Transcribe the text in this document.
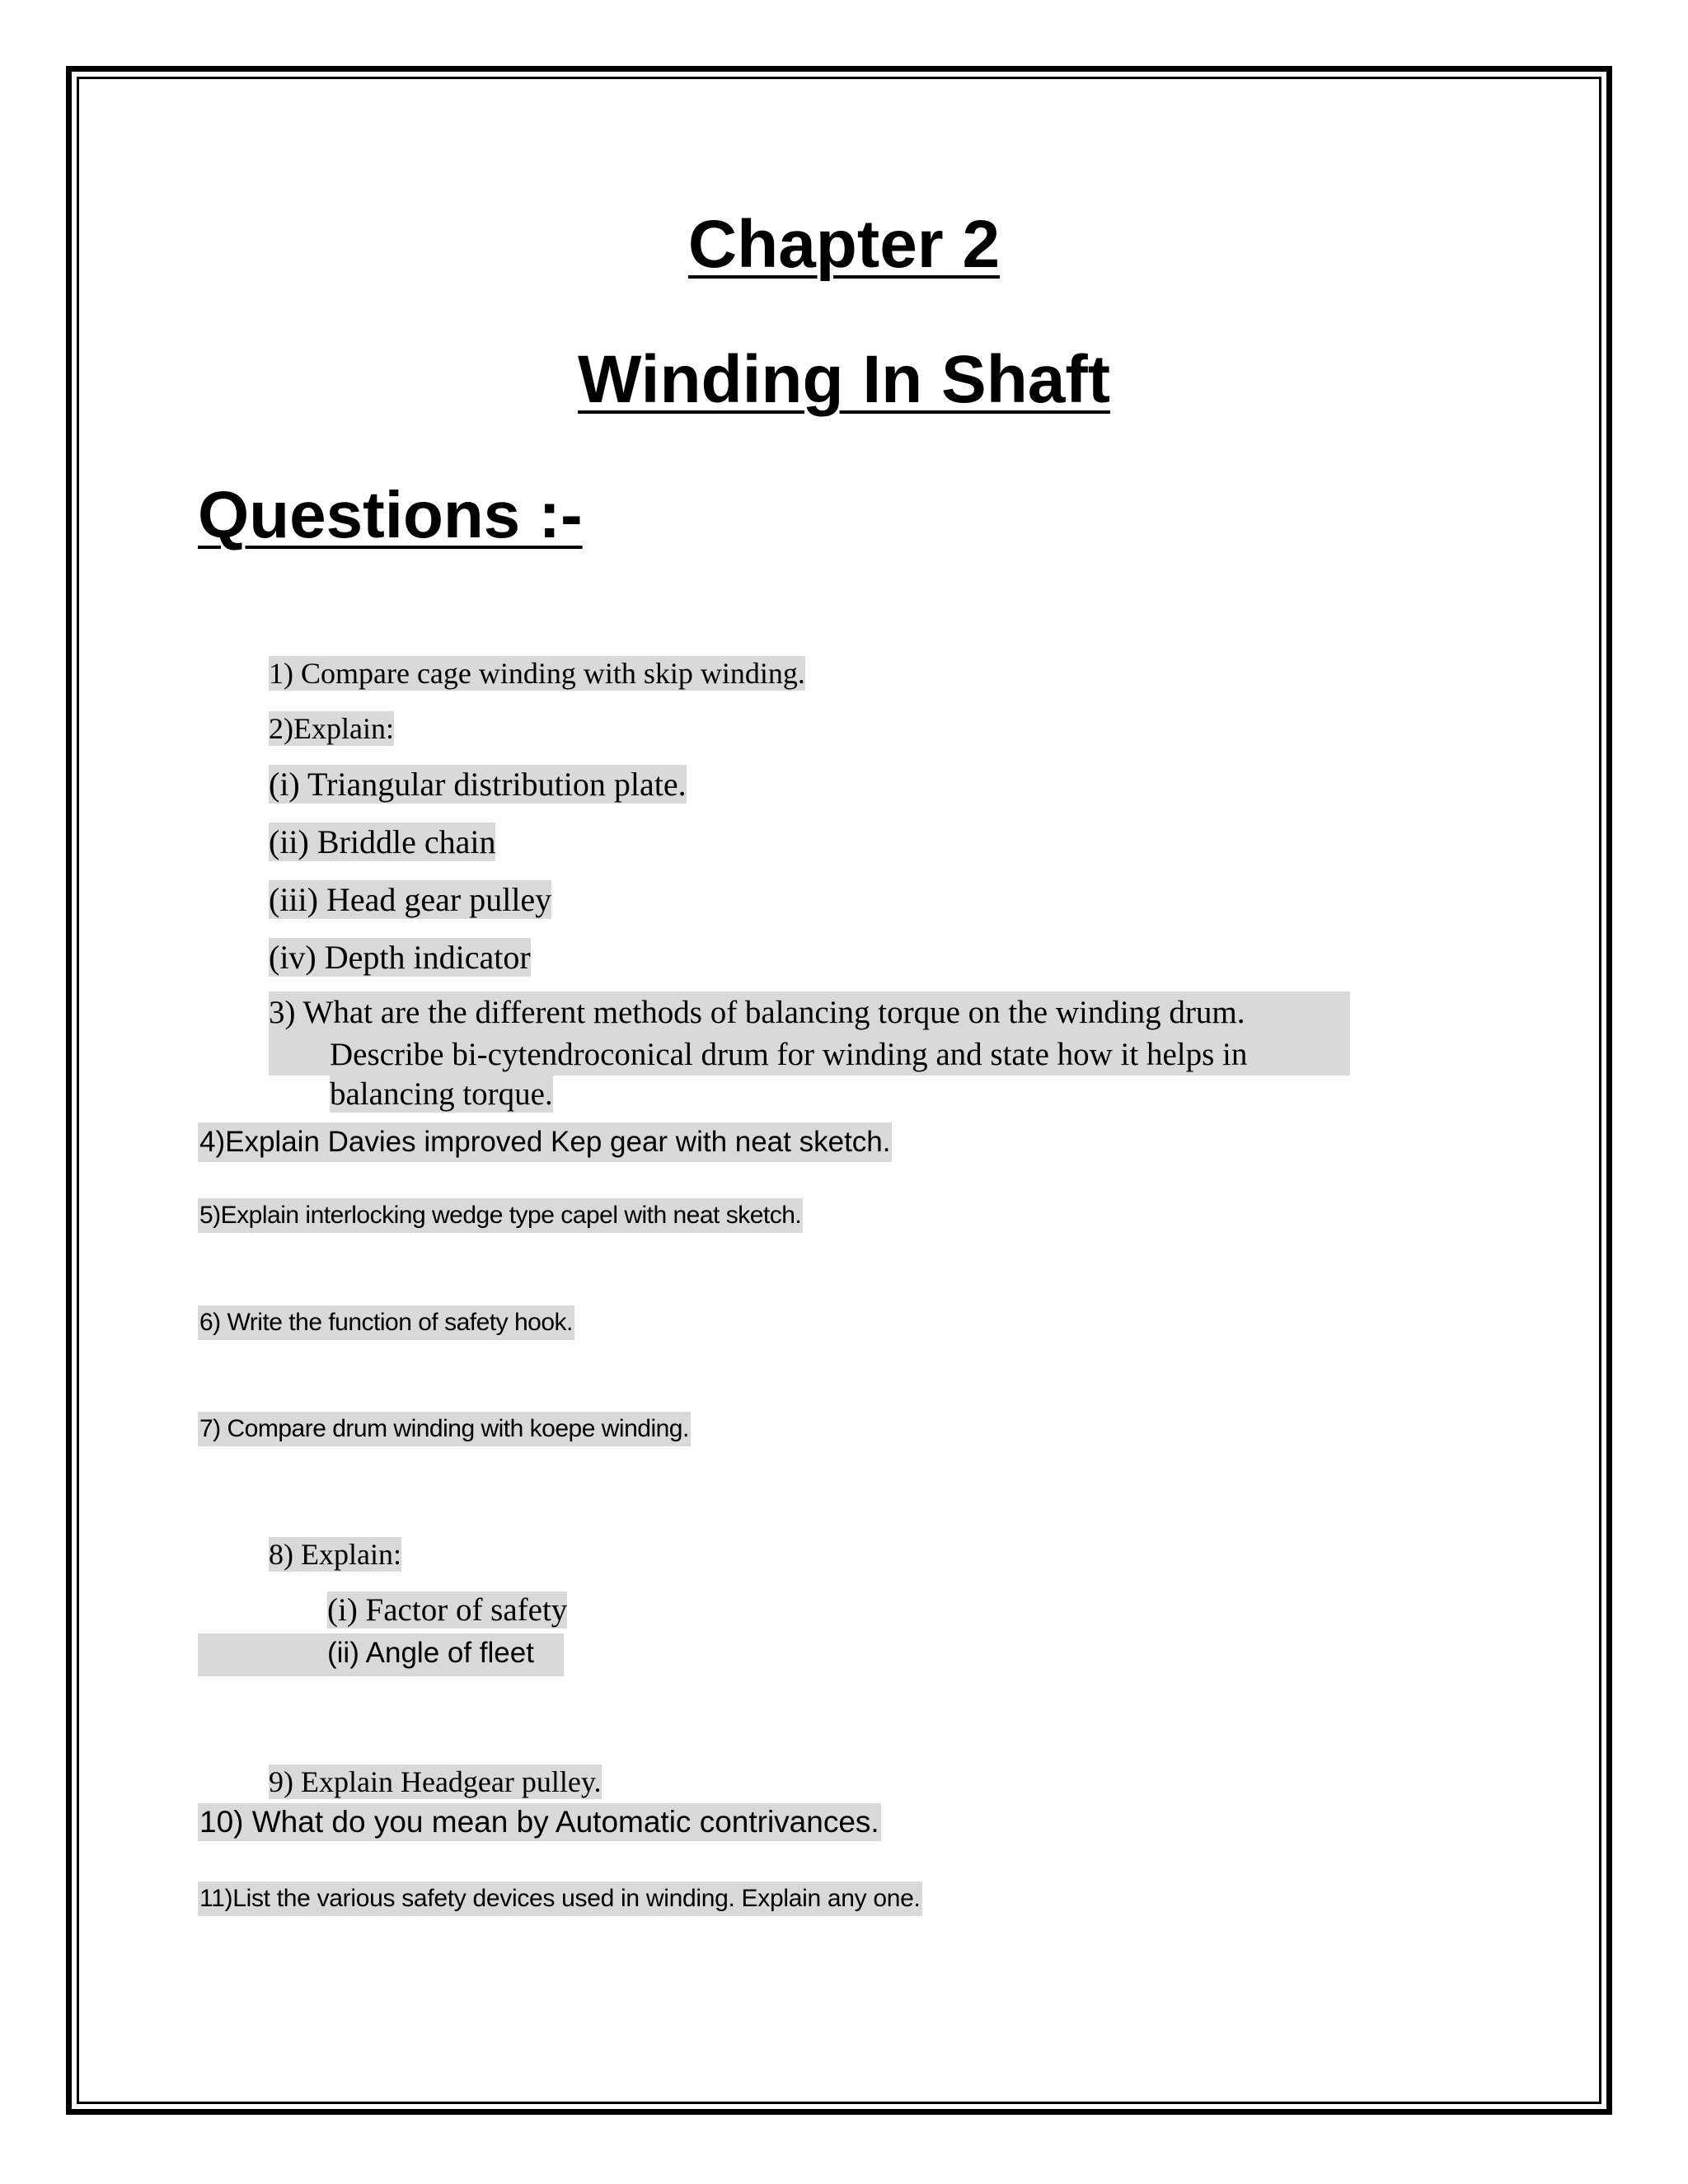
Chapter 2
Winding In Shaft
Questions :-
1) Compare cage winding with skip winding.
2)Explain:
(i) Triangular distribution plate.
(ii) Briddle chain
(iii) Head gear pulley
(iv) Depth indicator
3) What are the different methods of balancing torque on the winding drum.
Describe bi-cytendroconical drum for winding and state how it helps in
balancing torque.
4)Explain Davies improved Kep gear with neat sketch.
5)Explain interlocking wedge type capel with neat sketch.
6) Write the function of safety hook.
7) Compare drum winding with koepe winding.
8) Explain:
(i) Factor of safety
(ii) Angle of fleet
9) Explain Headgear pulley.
10) What do you mean by Automatic contrivances.
11)List the various safety devices used in winding. Explain any one.
